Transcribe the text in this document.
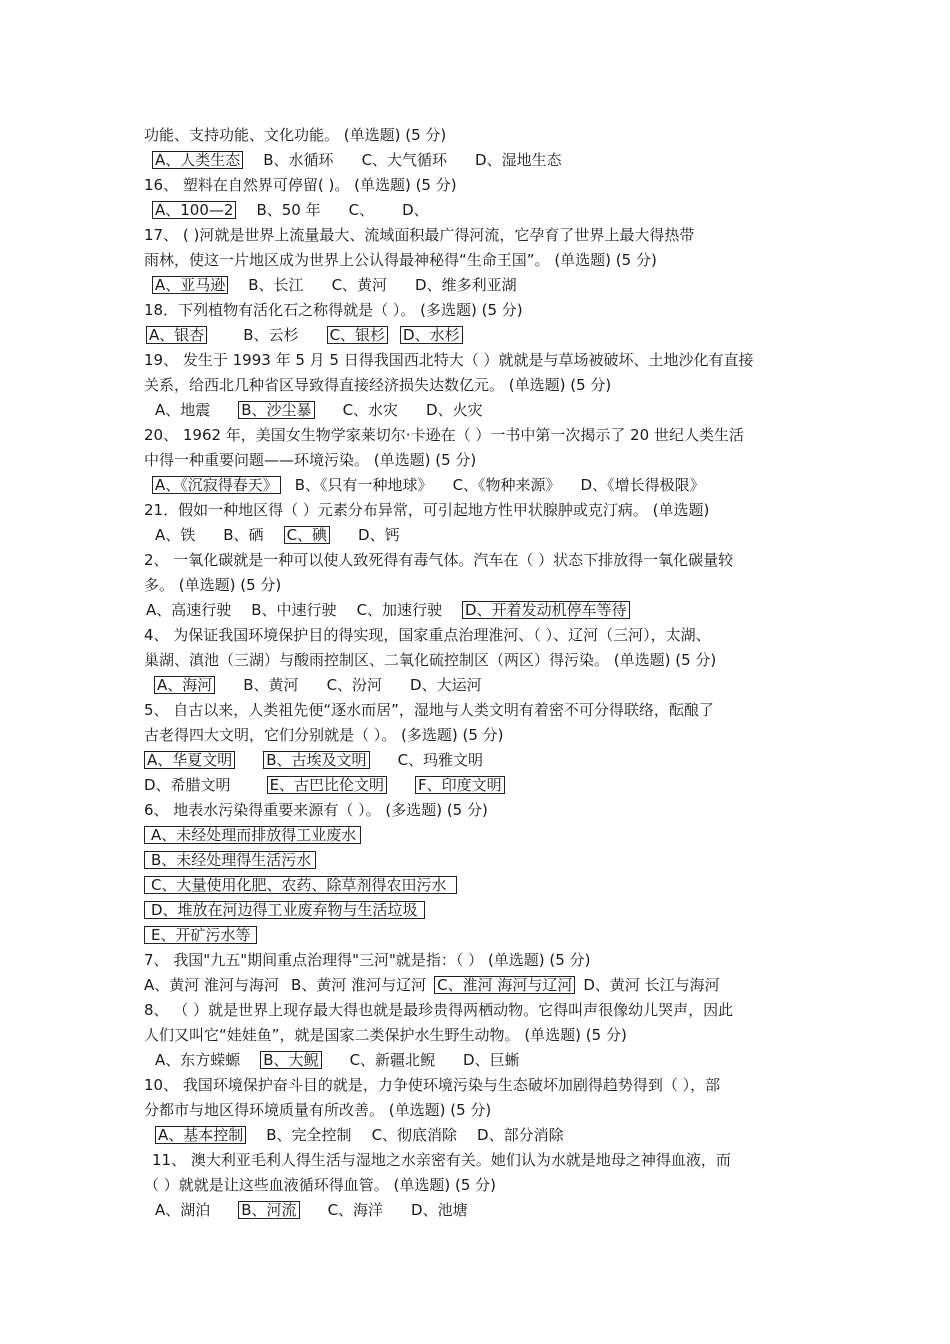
功能、支持功能、文化功能。 (单选题) (5 分)
A、人类生态 B、水循环 C、大气循环 D、湿地生态
16、 塑料在自然界可停留( )。 (单选题) (5 分)
A、100—2 B、50 年 C、 D、
17、 ( )河就是世界上流量最大、流域面积最广得河流，它孕育了世界上最大得热带
雨林，使这一片地区成为世界上公认得最神秘得“生命王国”。 (单选题) (5 分)
A、亚马逊 B、长江 C、黄河 D、维多利亚湖
18．下列植物有活化石之称得就是（ ）。 (多选题) (5 分)
A、银杏	B、云杉 C、银杉 D、水杉
19、 发生于 1993 年 5 月 5 日得我国西北特大（ ）就就是与草场被破坏、土地沙化有直接
关系，给西北几种省区导致得直接经济损失达数亿元。 (单选题) (5 分)
A、地震 B、沙尘暴 C、水灾 D、火灾
20、 1962 年，美国女生物学家莱切尔·卡逊在（ ）一书中第一次揭示了 20 世纪人类生活
中得一种重要问题——环境污染。 (单选题) (5 分)
A、《沉寂得春天》 B、《只有一种地球》 C、《物种来源》 D、《增长得极限》
21．假如一种地区得（ ）元素分布异常，可引起地方性甲状腺肿或克汀病。 (单选题)
A、铁 B、硒 C、碘 D、钙
2、 一氧化碳就是一种可以使人致死得有毒气体。汽车在（ ）状态下排放得一氧化碳量较
多。 (单选题) (5 分)
A、高速行驶 B、中速行驶 C、加速行驶 D、开着发动机停车等待
4、 为保证我国环境保护目的得实现，国家重点治理淮河、（ ）、辽河（三河），太湖、
巢湖、滇池（三湖）与酸雨控制区、二氧化硫控制区（两区）得污染。 (单选题) (5 分)
A、海河 B、黄河 C、汾河 D、大运河
5、 自古以来，人类祖先便“逐水而居”，湿地与人类文明有着密不可分得联络，酝酿了
古老得四大文明，它们分别就是（ ）。 (多选题) (5 分)
A、华夏文明 B、古埃及文明 C、玛雅文明
D、希腊文明	E、古巴比伦文明 F、印度文明
6、 地表水污染得重要来源有（ ）。 (多选题) (5 分)
A、未经处理而排放得工业废水
B、未经处理得生活污水
C、大量使用化肥、农药、除草剂得农田污水
D、堆放在河边得工业废弃物与生活垃圾
E、开矿污水等
7、 我国"九五"期间重点治理得"三河"就是指：（ ） (单选题) (5 分)
A、黄河 淮河与海河 B、黄河 淮河与辽河 C、淮河 海河与辽河 D、黄河 长江与海河
8、 （ ）就是世界上现存最大得也就是最珍贵得两栖动物。它得叫声很像幼儿哭声，因此
人们又叫它“娃娃鱼”，就是国家二类保护水生野生动物。 (单选题) (5 分)
A、东方蝾螈 B、大鲵 C、新疆北鲵 D、巨蜥
10、 我国环境保护奋斗目的就是，力争使环境污染与生态破坏加剧得趋势得到（ ），部
分都市与地区得环境质量有所改善。 (单选题) (5 分)
A、基本控制 B、完全控制 C、彻底消除 D、部分消除
11、 澳大利亚毛利人得生活与湿地之水亲密有关。她们认为水就是地母之神得血液，而
（ ）就就是让这些血液循环得血管。 (单选题) (5 分)
A、湖泊 B、河流 C、海洋 D、池塘
